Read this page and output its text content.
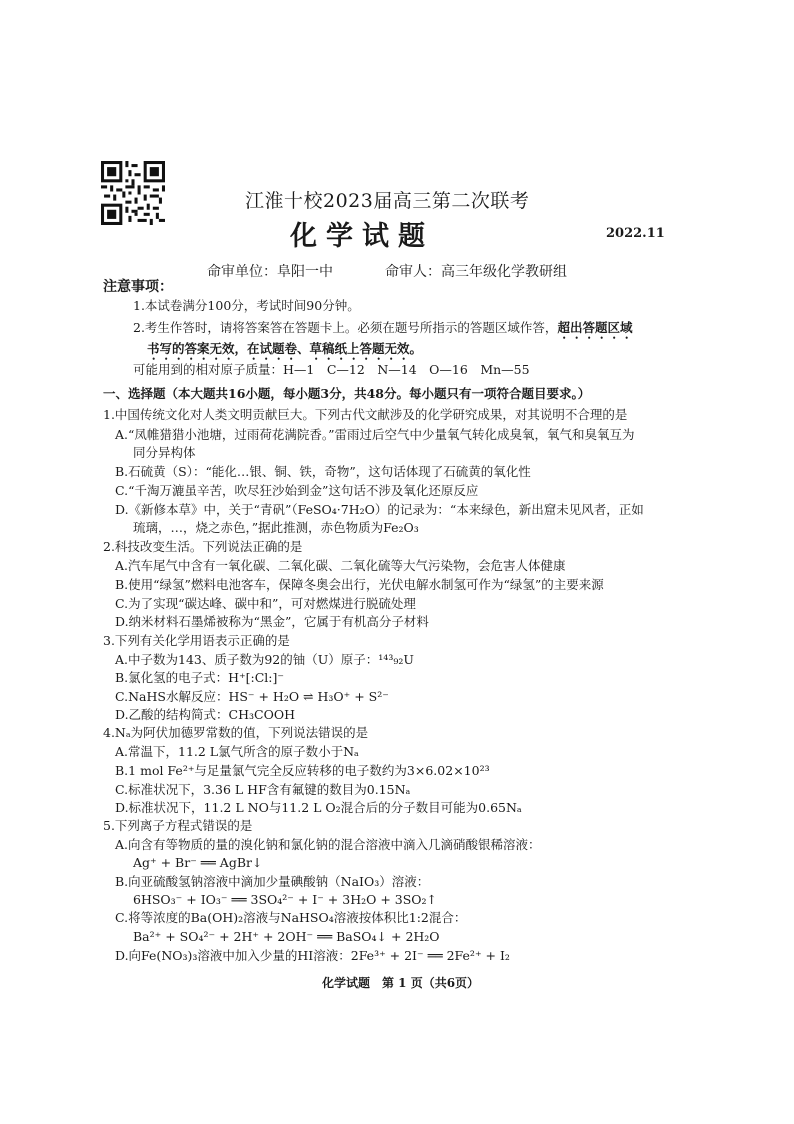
江淮十校2023届高三第二次联考
化学试题	2022.11
命审单位：阜阳一中	命审人：高三年级化学教研组
注意事项：
1.本试卷满分100分，考试时间90分钟。
2.考生作答时，请将答案答在答题卡上。必须在题号所指示的答题区域作答，超出答题区域
书写的答案无效，在试题卷、草稿纸上答题无效。
可能用到的相对原子质量：H—1　C—12　N—14　O—16　Mn—55
一、选择题（本大题共16小题，每小题3分，共48分。每小题只有一项符合题目要求。）
1.中国传统文化对人类文明贡献巨大。下列古代文献涉及的化学研究成果，对其说明不合理的是
A.“凤帷猎猎小池塘，过雨荷花满院香。”雷雨过后空气中少量氧气转化成臭氧，氧气和臭氧互为
同分异构体
B.石硫黄（S）：“能化…银、铜、铁，奇物”，这句话体现了石硫黄的氧化性
C.“千淘万漉虽辛苦，吹尽狂沙始到金”这句话不涉及氧化还原反应
D.《新修本草》中，关于“青矾”（FeSO₄·7H₂O）的记录为：“本来绿色，新出窟未见风者，正如
琉璃，…，烧之赤色，”据此推测，赤色物质为Fe₂O₃
2.科技改变生活。下列说法正确的是
A.汽车尾气中含有一氧化碳、二氧化碳、二氧化硫等大气污染物，会危害人体健康
B.使用“绿氢”燃料电池客车，保障冬奥会出行，光伏电解水制氢可作为“绿氢”的主要来源
C.为了实现“碳达峰、碳中和”，可对燃煤进行脱硫处理
D.纳米材料石墨烯被称为“黑金”，它属于有机高分子材料
3.下列有关化学用语表示正确的是
A.中子数为143、质子数为92的铀（U）原子：¹⁴³₉₂U
B.氯化氢的电子式：H⁺[:Cl:]⁻
C.NaHS水解反应：HS⁻ + H₂O ⇌ H₃O⁺ + S²⁻
D.乙酸的结构简式：CH₃COOH
4.Nₐ为阿伏加德罗常数的值，下列说法错误的是
A.常温下，11.2 L氯气所含的原子数小于Nₐ
B.1 mol Fe²⁺与足量氯气完全反应转移的电子数约为3×6.02×10²³
C.标准状况下，3.36 L HF含有氟键的数目为0.15Nₐ
D.标准状况下，11.2 L NO与11.2 L O₂混合后的分子数目可能为0.65Nₐ
5.下列离子方程式错误的是
A.向含有等物质的量的溴化钠和氯化钠的混合溶液中滴入几滴硝酸银稀溶液：
Ag⁺ + Br⁻ ══ AgBr↓
B.向亚硫酸氢钠溶液中滴加少量碘酸钠（NaIO₃）溶液：
6HSO₃⁻ + IO₃⁻ ══ 3SO₄²⁻ + I⁻ + 3H₂O + 3SO₂↑
C.将等浓度的Ba(OH)₂溶液与NaHSO₄溶液按体积比1:2混合：
Ba²⁺ + SO₄²⁻ + 2H⁺ + 2OH⁻ ══ BaSO₄↓ + 2H₂O
D.向Fe(NO₃)₃溶液中加入少量的HI溶液：2Fe³⁺ + 2I⁻ ══ 2Fe²⁺ + I₂
化学试题　第 1 页（共6页）
